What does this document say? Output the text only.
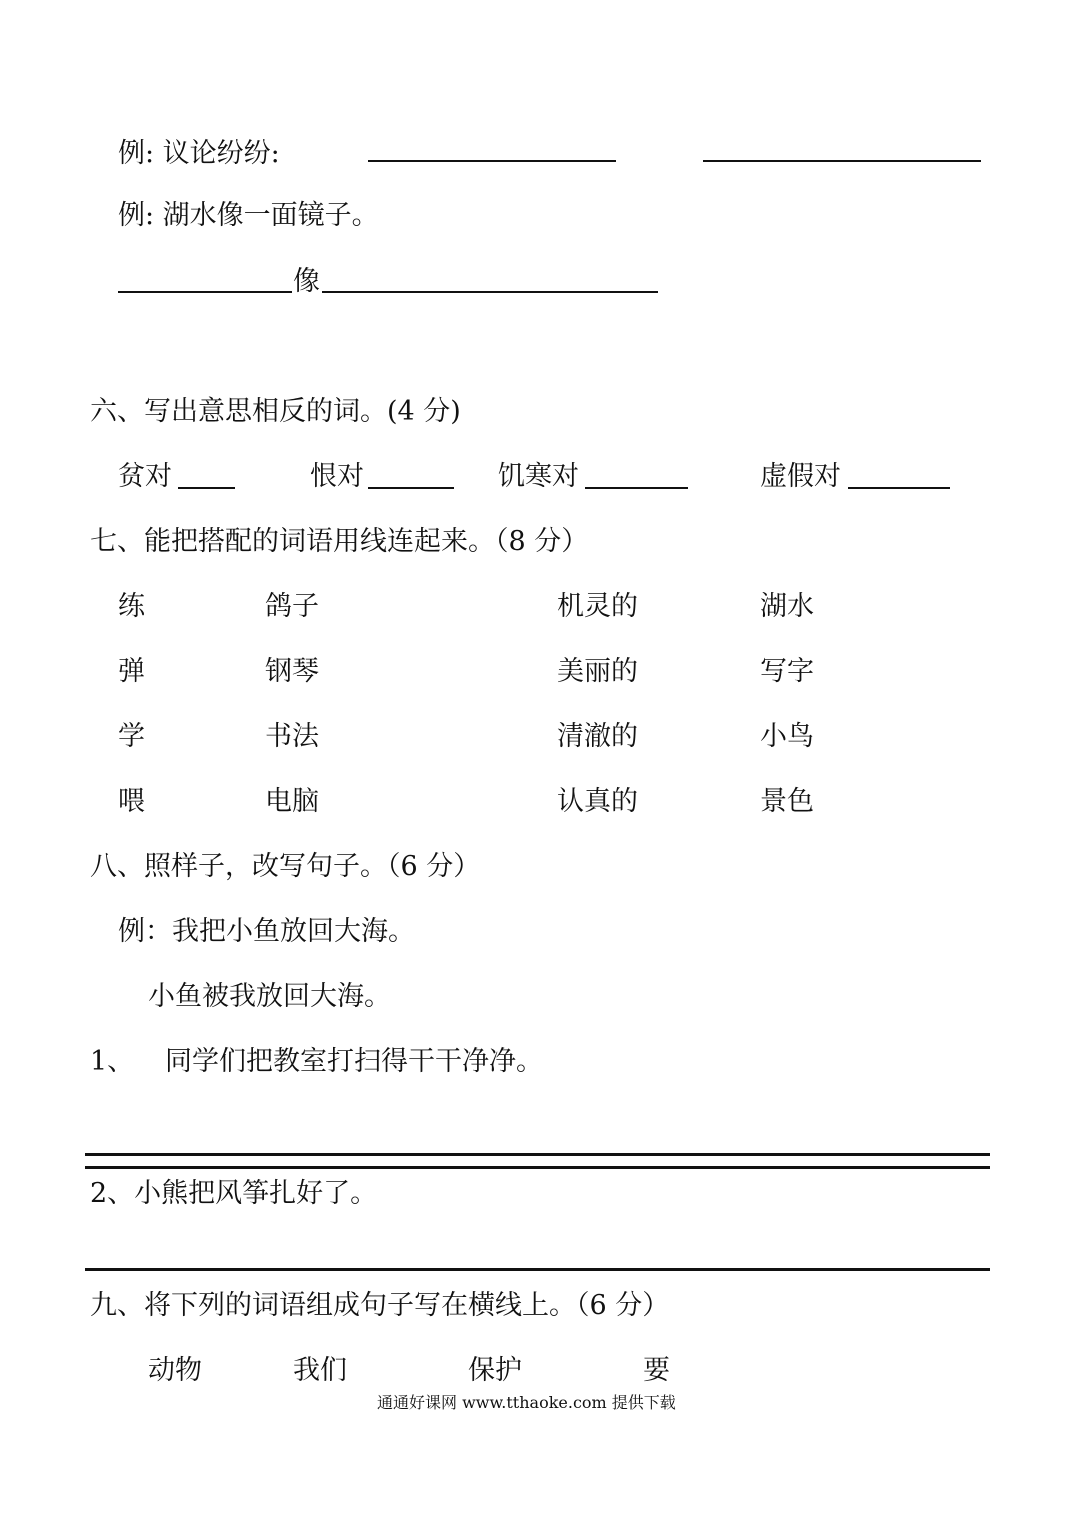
例: 议论纷纷:
例: 湖水像一面镜子。
像
六、写出意思相反的词。(4 分)
贫对	恨对	饥寒对	虚假对
七、能把搭配的词语用线连起来。（8 分）
练	鸽子	机灵的	湖水
弹	钢琴	美丽的	写字
学	书法	清澈的	小鸟
喂	电脑	认真的	景色
八、照样子，改写句子。（6 分）
例：我把小鱼放回大海。
小鱼被我放回大海。
1、 同学们把教室打扫得干干净净。
2、小熊把风筝扎好了。
九、将下列的词语组成句子写在横线上。（6 分）
动物	我们	保护	要
通通好课网 www.tthaoke.com 提供下载
